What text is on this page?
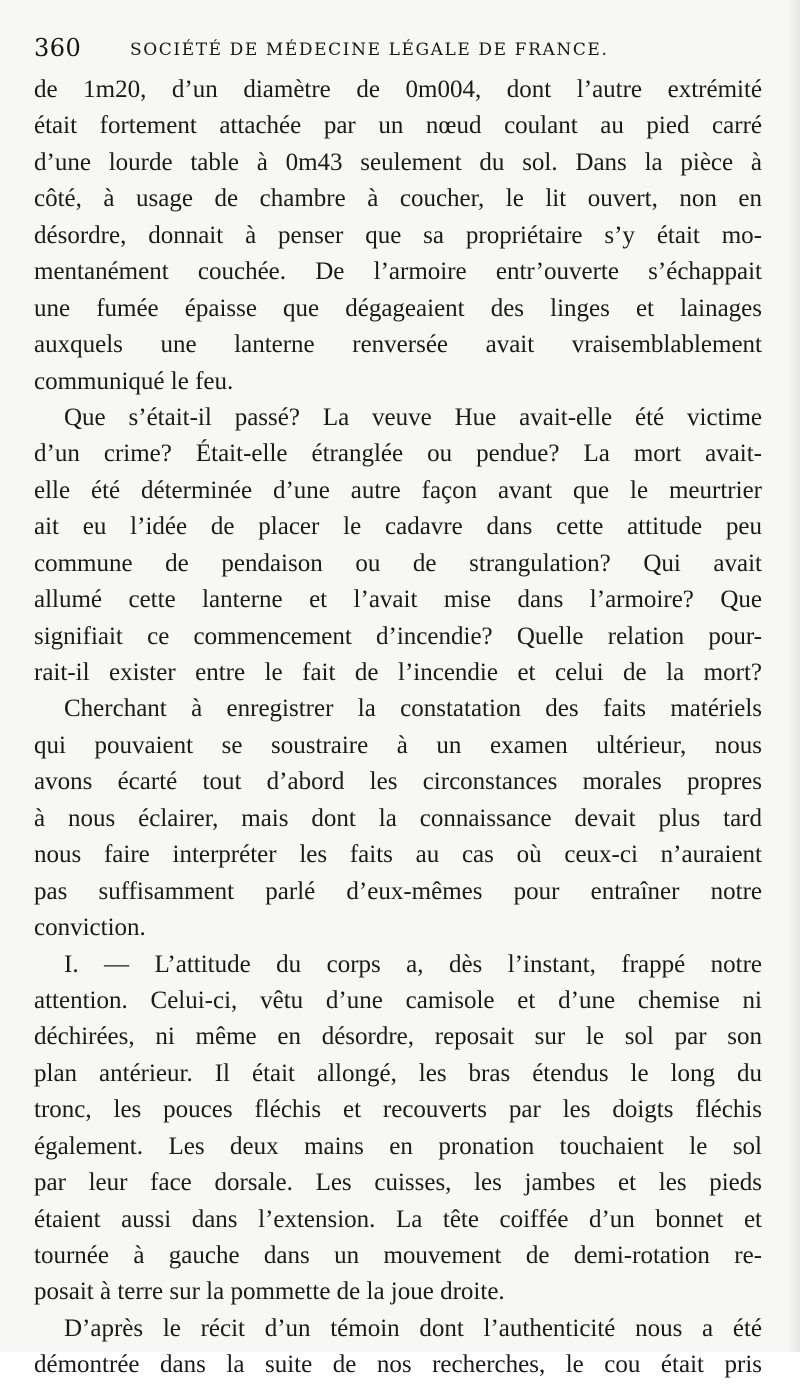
360	SOCIÉTÉ DE MÉDECINE LÉGALE DE FRANCE.
de 1m20, d’un diamètre de 0m004, dont l’autre extrémité
était fortement attachée par un nœud coulant au pied carré
d’une lourde table à 0m43 seulement du sol. Dans la pièce à
côté, à usage de chambre à coucher, le lit ouvert, non en
désordre, donnait à penser que sa propriétaire s’y était mo-
mentanément couchée. De l’armoire entr’ouverte s’échappait
une fumée épaisse que dégageaient des linges et lainages
auxquels une lanterne renversée avait vraisemblablement
communiqué le feu.
Que s’était-il passé? La veuve Hue avait-elle été victime
d’un crime? Était-elle étranglée ou pendue? La mort avait-
elle été déterminée d’une autre façon avant que le meurtrier
ait eu l’idée de placer le cadavre dans cette attitude peu
commune de pendaison ou de strangulation? Qui avait
allumé cette lanterne et l’avait mise dans l’armoire? Que
signifiait ce commencement d’incendie? Quelle relation pour-
rait-il exister entre le fait de l’incendie et celui de la mort?
Cherchant à enregistrer la constatation des faits matériels
qui pouvaient se soustraire à un examen ultérieur, nous
avons écarté tout d’abord les circonstances morales propres
à nous éclairer, mais dont la connaissance devait plus tard
nous faire interpréter les faits au cas où ceux-ci n’auraient
pas suffisamment parlé d’eux-mêmes pour entraîner notre
conviction.
I. — L’attitude du corps a, dès l’instant, frappé notre
attention. Celui-ci, vêtu d’une camisole et d’une chemise ni
déchirées, ni même en désordre, reposait sur le sol par son
plan antérieur. Il était allongé, les bras étendus le long du
tronc, les pouces fléchis et recouverts par les doigts fléchis
également. Les deux mains en pronation touchaient le sol
par leur face dorsale. Les cuisses, les jambes et les pieds
étaient aussi dans l’extension. La tête coiffée d’un bonnet et
tournée à gauche dans un mouvement de demi-rotation re-
posait à terre sur la pommette de la joue droite.
D’après le récit d’un témoin dont l’authenticité nous a été
démontrée dans la suite de nos recherches, le cou était pris
